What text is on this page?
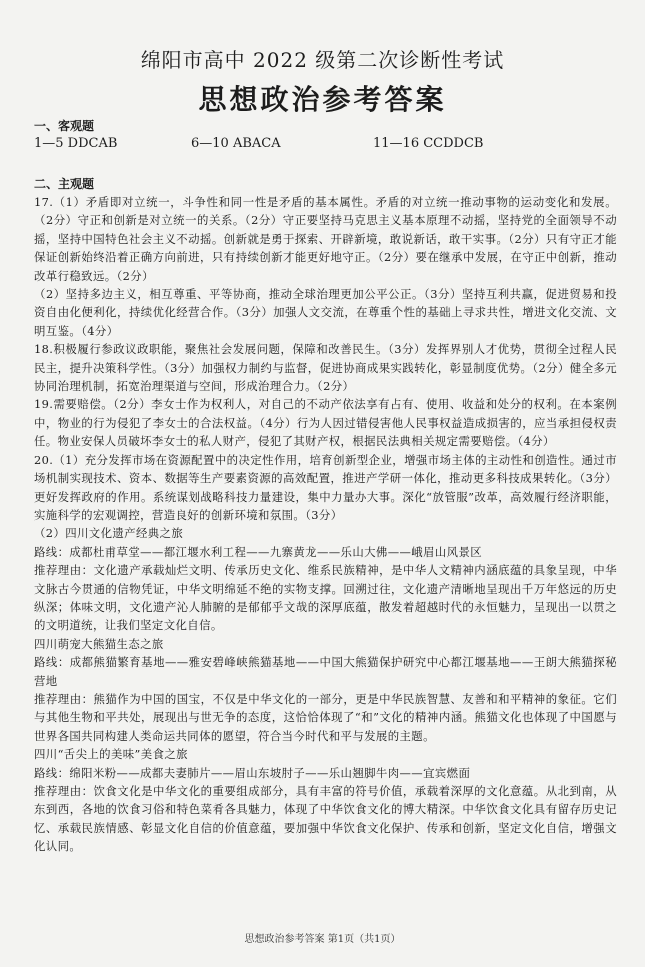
绵阳市高中 2022 级第二次诊断性考试
思想政治参考答案
一、客观题
1—5 DDCAB	6—10 ABACA	11—16 CCDDCB
二、主观题

17.（1）矛盾即对立统一，斗争性和同一性是矛盾的基本属性。矛盾的对立统一推动事物的运动变化和发展。（2分）守正和创新是对立统一的关系。（2分）守正要坚持马克思主义基本原理不动摇，坚持党的全面领导不动摇，坚持中国特色社会主义不动摇。创新就是勇于探索、开辟新境，敢说新话，敢干实事。（2分）只有守正才能保证创新始终沿着正确方向前进，只有持续创新才能更好地守正。（2分）要在继承中发展，在守正中创新，推动改革行稳致远。（2分）

（2）坚持多边主义，相互尊重、平等协商，推动全球治理更加公平公正。（3分）坚持互利共赢，促进贸易和投资自由化便利化，持续优化经营合作。（3分）加强人文交流，在尊重个性的基础上寻求共性，增进文化交流、文明互鉴。（4分）

18.积极履行参政议政职能，聚焦社会发展问题，保障和改善民生。（3分）发挥界别人才优势，贯彻全过程人民民主，提升决策科学性。（3分）加强权力制约与监督，促进协商成果实践转化，彰显制度优势。（2分）健全多元协同治理机制，拓宽治理渠道与空间，形成治理合力。（2分）

19.需要赔偿。（2分）李女士作为权利人，对自己的不动产依法享有占有、使用、收益和处分的权利。在本案例中，物业的行为侵犯了李女士的合法权益。（4分）行为人因过错侵害他人民事权益造成损害的，应当承担侵权责任。物业安保人员破坏李女士的私人财产，侵犯了其财产权，根据民法典相关规定需要赔偿。（4分）

20.（1）充分发挥市场在资源配置中的决定性作用，培育创新型企业，增强市场主体的主动性和创造性。通过市场机制实现技术、资本、数据等生产要素资源的高效配置，推进产学研一体化，推动更多科技成果转化。（3分）更好发挥政府的作用。系统谋划战略科技力量建设，集中力量办大事。深化“放管服”改革，高效履行经济职能，实施科学的宏观调控，营造良好的创新环境和氛围。（3分）

（2）四川文化遗产经典之旅

路线：成都杜甫草堂——都江堰水利工程——九寨黄龙——乐山大佛——峨眉山风景区

推荐理由：文化遗产承载灿烂文明、传承历史文化、维系民族精神，是中华人文精神内涵底蕴的具象呈现，中华文脉古今贯通的信物凭证，中华文明绵延不绝的实物支撑。回溯过往，文化遗产清晰地呈现出千万年悠远的历史纵深；体味文明，文化遗产沁人肺腑的是郁郁乎文哉的深厚底蕴，散发着超越时代的永恒魅力，呈现出一以贯之的文明道统，让我们坚定文化自信。

四川萌宠大熊猫生态之旅

路线：成都熊猫繁育基地——雅安碧峰峡熊猫基地——中国大熊猫保护研究中心都江堰基地——王朗大熊猫探秘营地

推荐理由：熊猫作为中国的国宝，不仅是中华文化的一部分，更是中华民族智慧、友善和和平精神的象征。它们与其他生物和平共处，展现出与世无争的态度，这恰恰体现了“和”文化的精神内涵。熊猫文化也体现了中国愿与世界各国共同构建人类命运共同体的愿望，符合当今时代和平与发展的主题。

四川“舌尖上的美味”美食之旅

路线：绵阳米粉——成都夫妻肺片——眉山东坡肘子——乐山翘脚牛肉——宜宾燃面

推荐理由：饮食文化是中华文化的重要组成部分，具有丰富的符号价值，承载着深厚的文化意蕴。从北到南，从东到西，各地的饮食习俗和特色菜肴各具魅力，体现了中华饮食文化的博大精深。中华饮食文化具有留存历史记忆、承载民族情感、彰显文化自信的价值意蕴，要加强中华饮食文化保护、传承和创新，坚定文化自信，增强文化认同。

思想政治参考答案 第1页（共1页）
